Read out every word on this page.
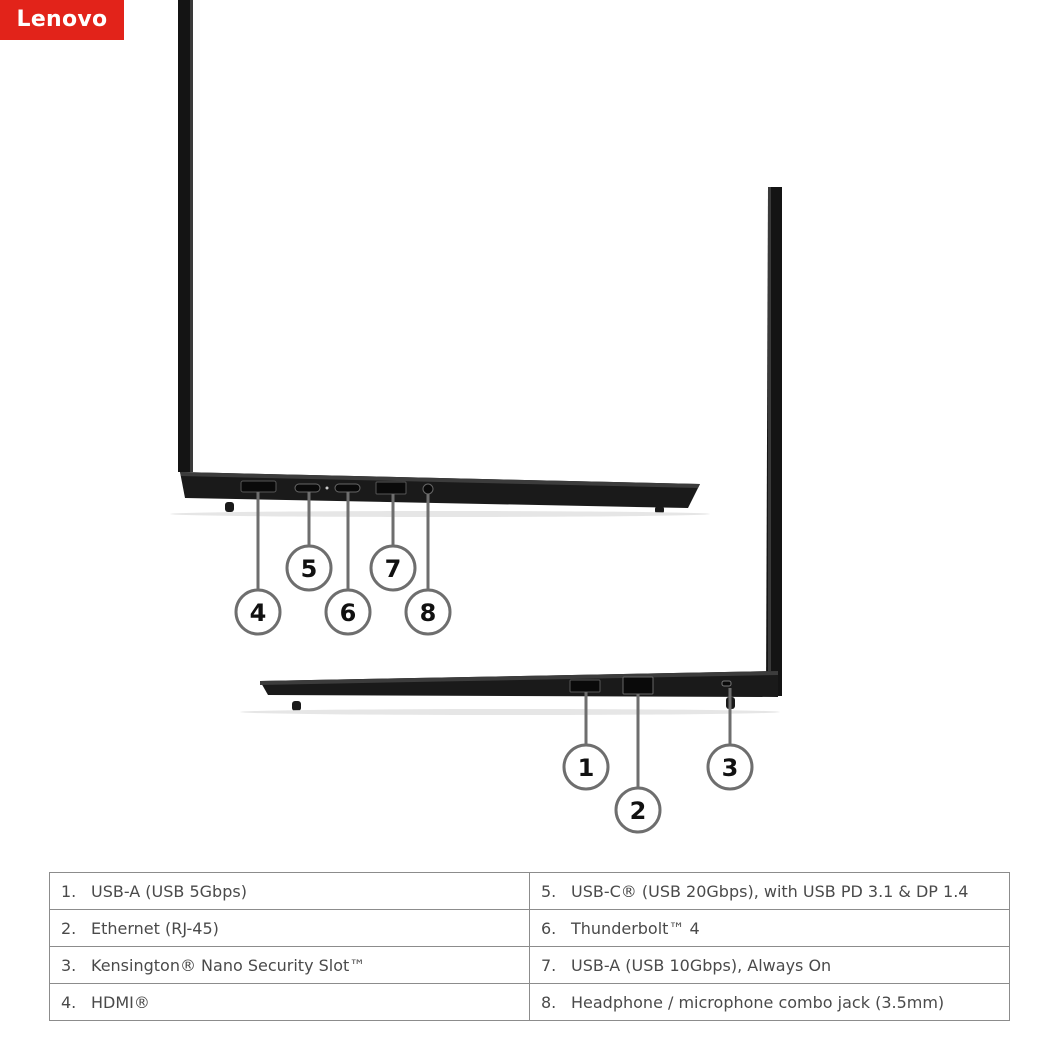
Lenovo
4
5
6
7
8
1
2
3
1. USB-A (USB 5Gbps)	5. USB-C® (USB 20Gbps), with USB PD 3.1 & DP 1.4
2. Ethernet (RJ-45)	6. Thunderbolt™ 4
3. Kensington® Nano Security Slot™	7. USB-A (USB 10Gbps), Always On
4. HDMI®	8. Headphone / microphone combo jack (3.5mm)
